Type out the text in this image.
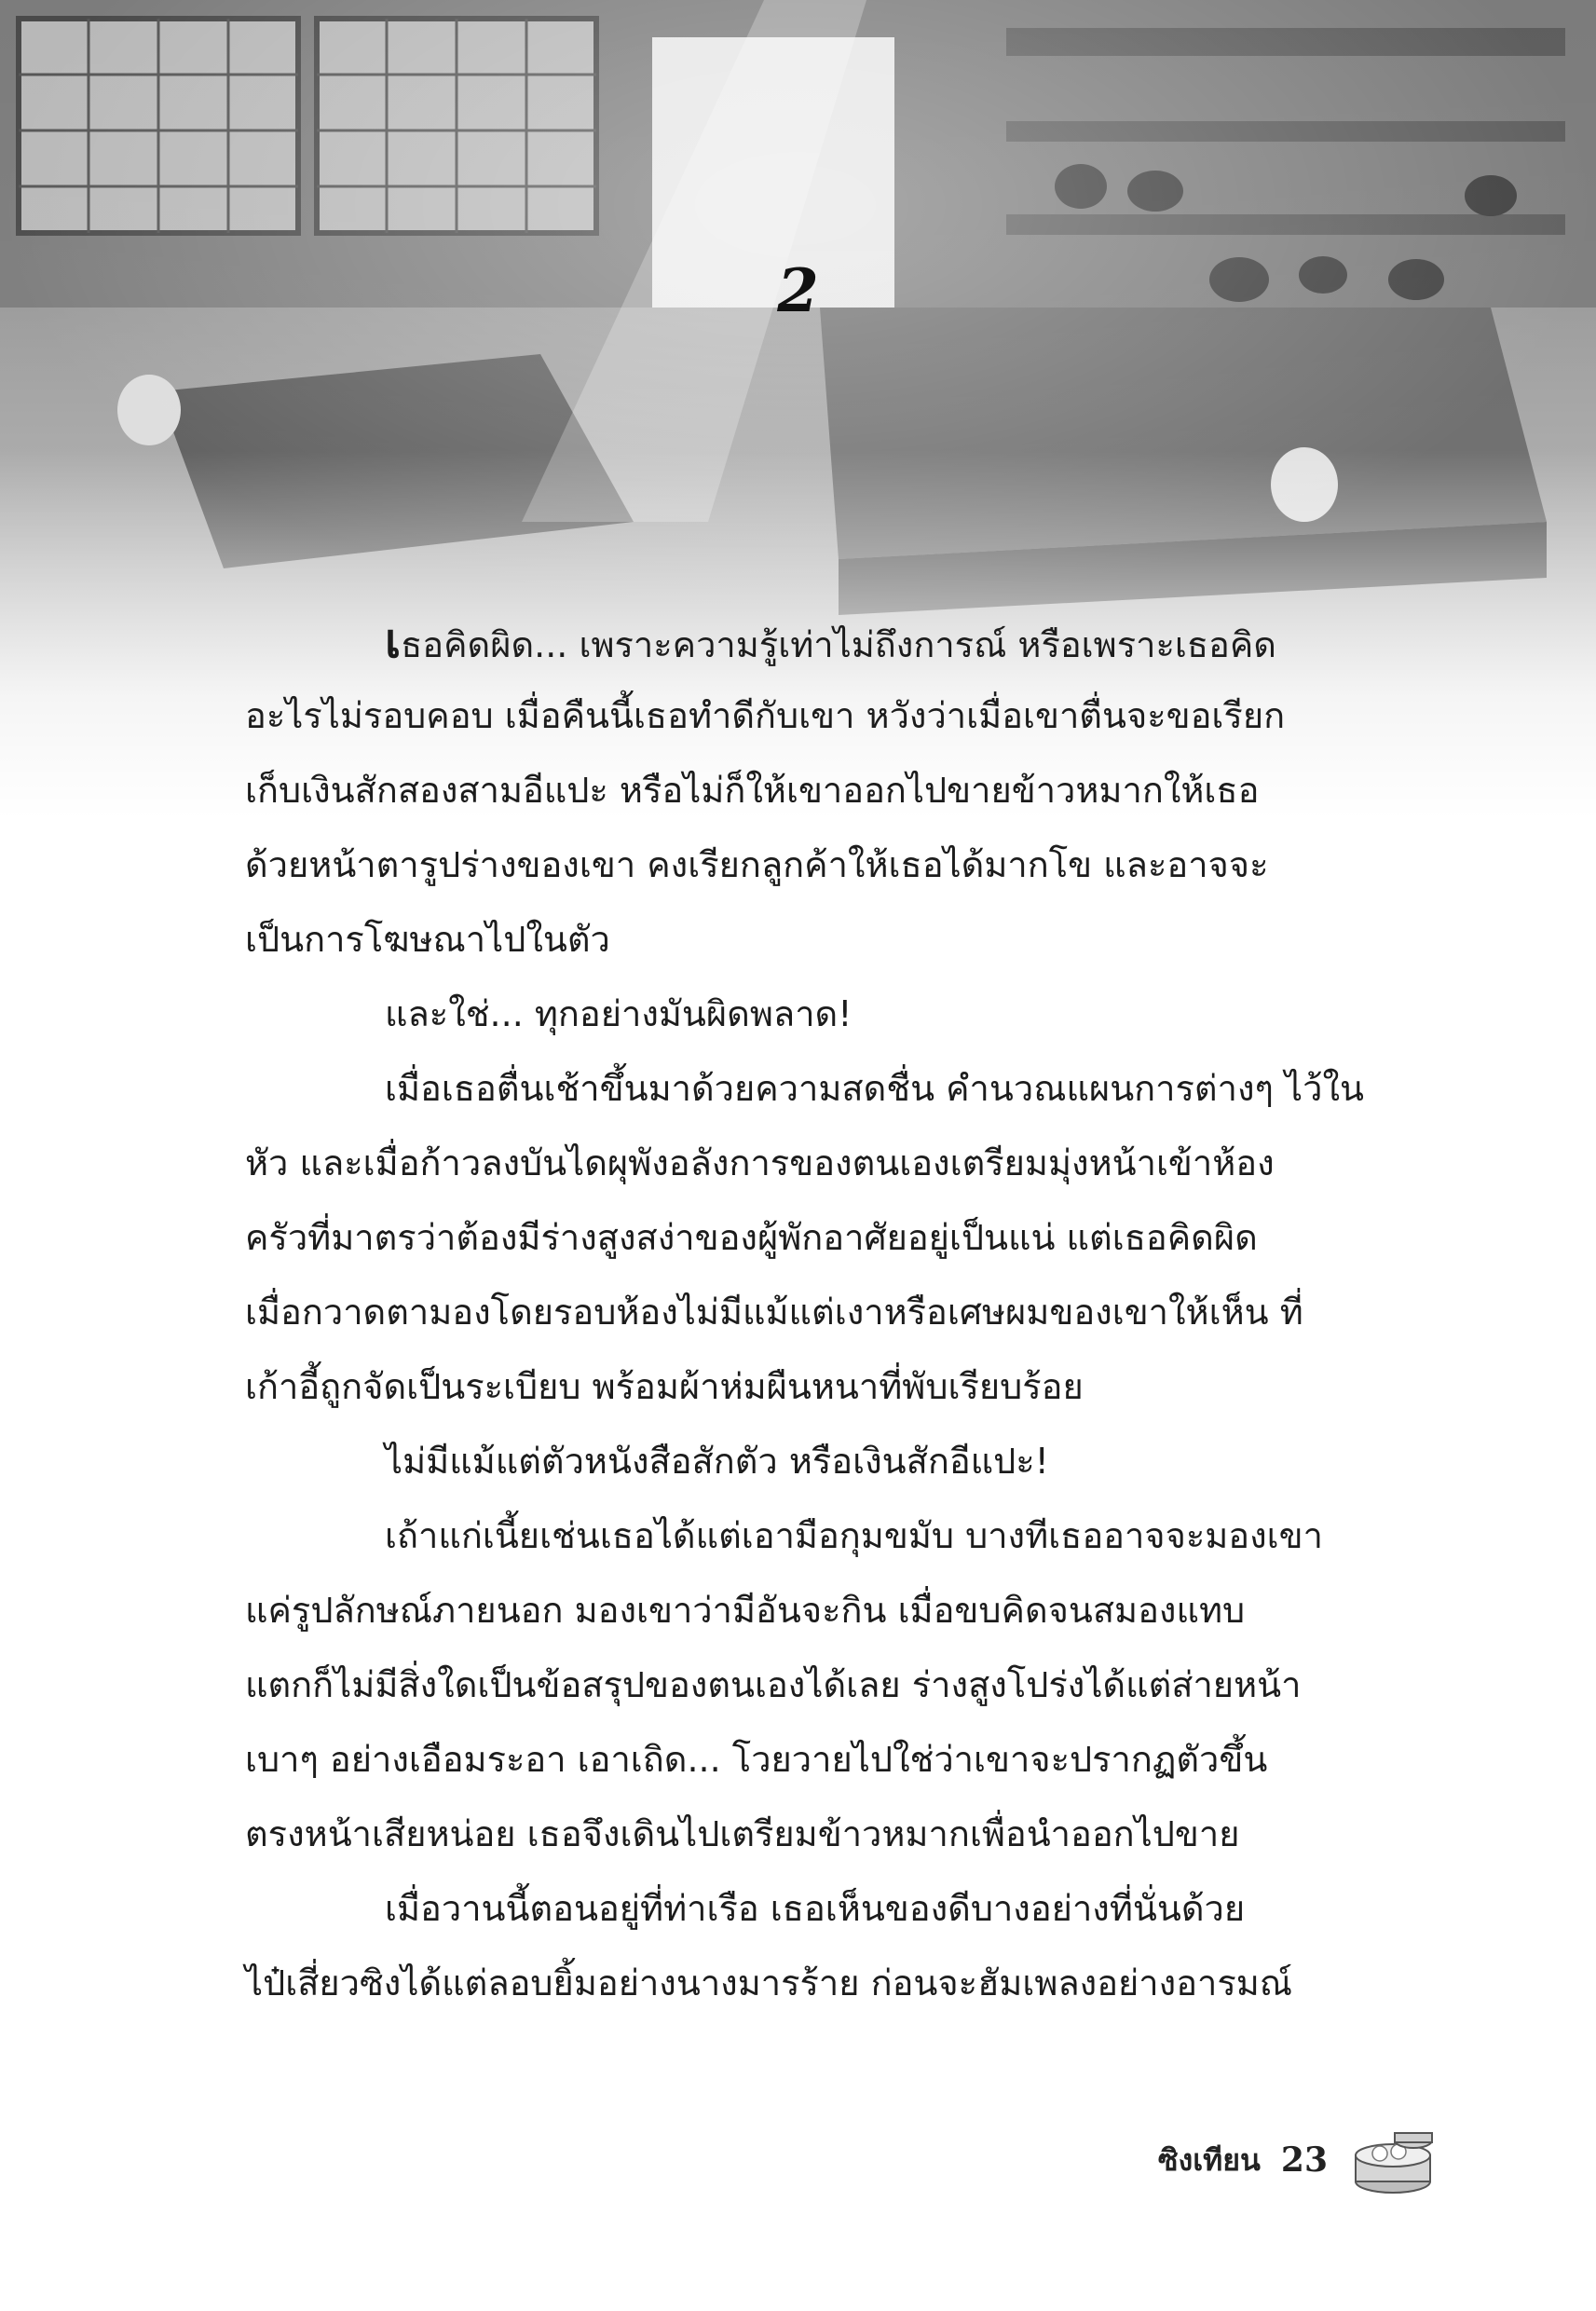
2
เธอคิดผิด... เพราะความรู้เท่าไม่ถึงการณ์ หรือเพราะเธอคิด
อะไรไม่รอบคอบ เมื่อคืนนี้เธอทำดีกับเขา หวังว่าเมื่อเขาตื่นจะขอเรียก
เก็บเงินสักสองสามอีแปะ หรือไม่ก็ให้เขาออกไปขายข้าวหมากให้เธอ
ด้วยหน้าตารูปร่างของเขา คงเรียกลูกค้าให้เธอได้มากโข และอาจจะ
เป็นการโฆษณาไปในตัว
และใช่... ทุกอย่างมันผิดพลาด!
เมื่อเธอตื่นเช้าขึ้นมาด้วยความสดชื่น คำนวณแผนการต่างๆ ไว้ใน
หัว และเมื่อก้าวลงบันไดผุพังอลังการของตนเองเตรียมมุ่งหน้าเข้าห้อง
ครัวที่มาตรว่าต้องมีร่างสูงสง่าของผู้พักอาศัยอยู่เป็นแน่ แต่เธอคิดผิด
เมื่อกวาดตามองโดยรอบห้องไม่มีแม้แต่เงาหรือเศษผมของเขาให้เห็น ที่
เก้าอี้ถูกจัดเป็นระเบียบ พร้อมผ้าห่มผืนหนาที่พับเรียบร้อย
ไม่มีแม้แต่ตัวหนังสือสักตัว หรือเงินสักอีแปะ!
เถ้าแก่เนี้ยเช่นเธอได้แต่เอามือกุมขมับ บางทีเธออาจจะมองเขา
แค่รูปลักษณ์ภายนอก มองเขาว่ามีอันจะกิน เมื่อขบคิดจนสมองแทบ
แตกก็ไม่มีสิ่งใดเป็นข้อสรุปของตนเองได้เลย ร่างสูงโปร่งได้แต่ส่ายหน้า
เบาๆ อย่างเอือมระอา เอาเถิด... โวยวายไปใช่ว่าเขาจะปรากฏตัวขึ้น
ตรงหน้าเสียหน่อย เธอจึงเดินไปเตรียมข้าวหมากเพื่อนำออกไปขาย
เมื่อวานนี้ตอนอยู่ที่ท่าเรือ เธอเห็นของดีบางอย่างที่นั่นด้วย
ไป๋เสี่ยวซิงได้แต่ลอบยิ้มอย่างนางมารร้าย ก่อนจะฮัมเพลงอย่างอารมณ์
ซิงเทียน 23
